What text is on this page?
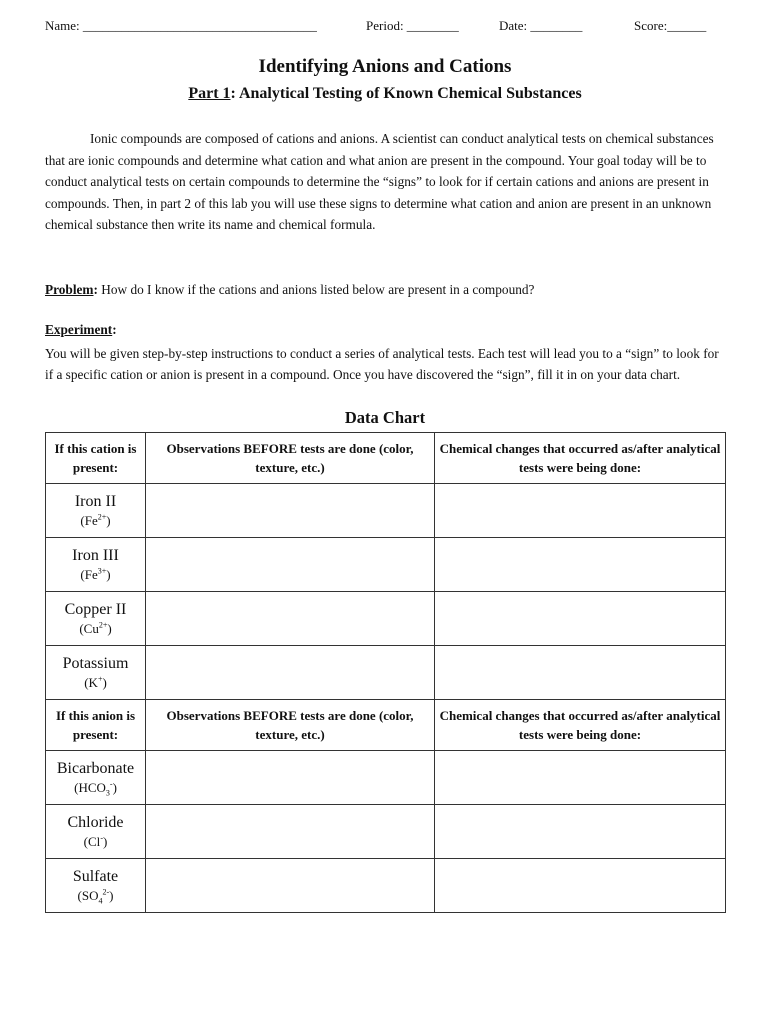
Name: ____________________________________	Period: ________	Date: ________	Score:______
Identifying Anions and Cations
Part 1: Analytical Testing of Known Chemical Substances

Ionic compounds are composed of cations and anions. A scientist can conduct analytical tests on chemical substances that are ionic compounds and determine what cation and what anion are present in the compound. Your goal today will be to conduct analytical tests on certain compounds to determine the “signs” to look for if certain cations and anions are present in compounds. Then, in part 2 of this lab you will use these signs to determine what cation and anion are present in an unknown chemical substance then write its name and chemical formula.

Problem: How do I know if the cations and anions listed below are present in a compound?

Experiment:

You will be given step-by-step instructions to conduct a series of analytical tests. Each test will lead you to a “sign” to look for if a specific cation or anion is present in a compound. Once you have discovered the “sign”, fill it in on your data chart.

Data Chart
If this cation is present:	Observations BEFORE tests are done (color, texture, etc.)	Chemical changes that occurred as/after analytical tests were being done:

Iron II
$(Fe^{2+})$		

Iron III
$(Fe^{3+})$		

Copper II
$(Cu^{2+})$		

Potassium
(K+)		

If this anion is present:	Observations BEFORE tests are done (color, texture, etc.)	Chemical changes that occurred as/after analytical tests were being done:

Bicarbonate
$(HCO_3^-)$		

Chloride
(Cl-)		

Sulfate
$(SO_4^{2-})$		
